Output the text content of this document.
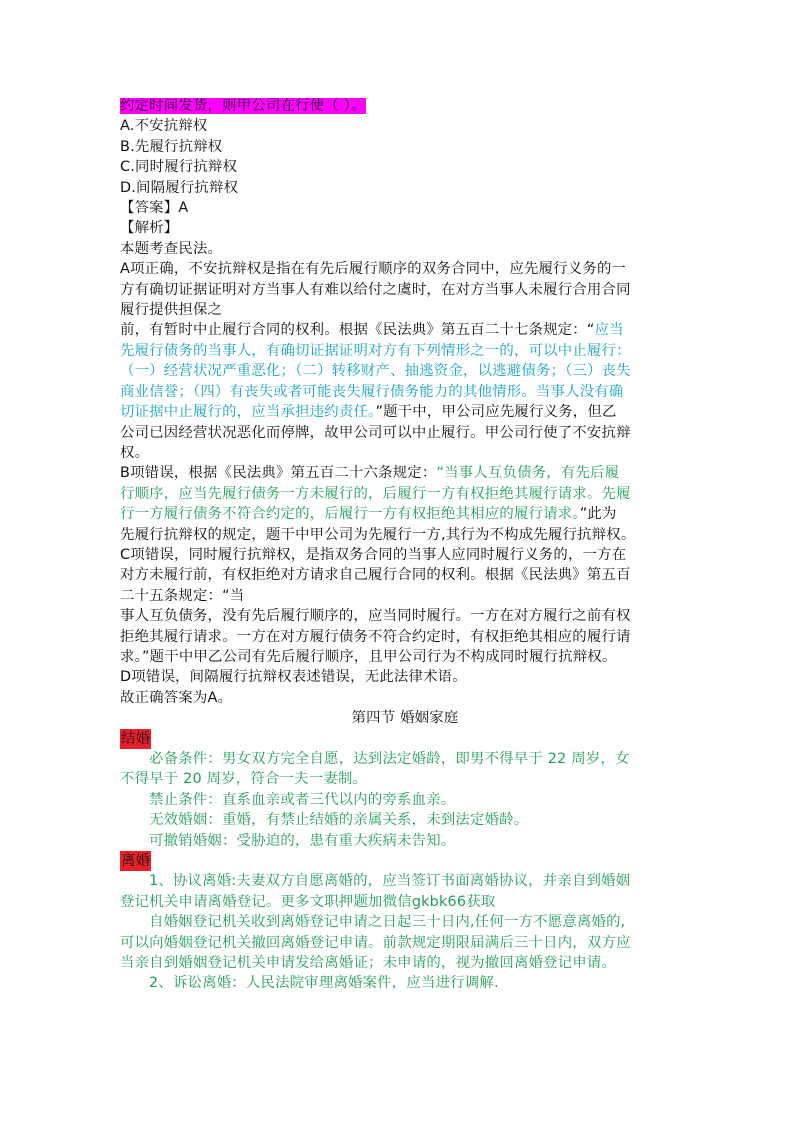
约定时间发货，则甲公司在行使（ ）。
A.不安抗辩权
B.先履行抗辩权
C.同时履行抗辩权
D.间隔履行抗辩权
【答案】A
【解析】
本题考查民法。
A项正确，不安抗辩权是指在有先后履行顺序的双务合同中，应先履行义务的一
方有确切证据证明对方当事人有难以给付之虞时，在对方当事人未履行合用合同
履行提供担保之
前，有暂时中止履行合同的权利。根据《民法典》第五百二十七条规定：“应当
先履行债务的当事人，有确切证据证明对方有下列情形之一的，可以中止履行：
（一）经营状况严重恶化；（二）转移财产、抽逃资金，以逃避债务；（三）丧失
商业信誉；（四）有丧失或者可能丧失履行债务能力的其他情形。当事人没有确
切证据中止履行的，应当承担违约责任。”题干中，甲公司应先履行义务，但乙
公司已因经营状况恶化而停牌，故甲公司可以中止履行。甲公司行使了不安抗辩
权。
B项错误，根据《民法典》第五百二十六条规定：“当事人互负债务，有先后履
行顺序，应当先履行债务一方未履行的，后履行一方有权拒绝其履行请求。先履
行一方履行债务不符合约定的，后履行一方有权拒绝其相应的履行请求。”此为
先履行抗辩权的规定，题干中甲公司为先履行一方,其行为不构成先履行抗辩权。
C项错误，同时履行抗辩权，是指双务合同的当事人应同时履行义务的，一方在
对方未履行前，有权拒绝对方请求自己履行合同的权利。根据《民法典》第五百
二十五条规定：“当
事人互负债务，没有先后履行顺序的，应当同时履行。一方在对方履行之前有权
拒绝其履行请求。一方在对方履行债务不符合约定时，有权拒绝其相应的履行请
求。”题干中甲乙公司有先后履行顺序，且甲公司行为不构成同时履行抗辩权。
D项错误，间隔履行抗辩权表述错误，无此法律术语。
故正确答案为A。
第四节 婚姻家庭
结婚
必备条件：男女双方完全自愿，达到法定婚龄，即男不得早于 22 周岁，女
不得早于 20 周岁，符合一夫一妻制。
禁止条件：直系血亲或者三代以内的旁系血亲。
无效婚姻：重婚，有禁止结婚的亲属关系，未到法定婚龄。
可撤销婚姻：受胁迫的，患有重大疾病未告知。
离婚
1、协议离婚:夫妻双方自愿离婚的，应当签订书面离婚协议，并亲自到婚姻
登记机关申请离婚登记。更多文职押题加微信gkbk66获取
自婚姻登记机关收到离婚登记申请之日起三十日内,任何一方不愿意离婚的,
可以向婚姻登记机关撤回离婚登记申请。前款规定期限届满后三十日内，双方应
当亲自到婚姻登记机关申请发给离婚证；未申请的，视为撤回离婚登记申请。
2、诉讼离婚：人民法院审理离婚案件，应当进行调解.
